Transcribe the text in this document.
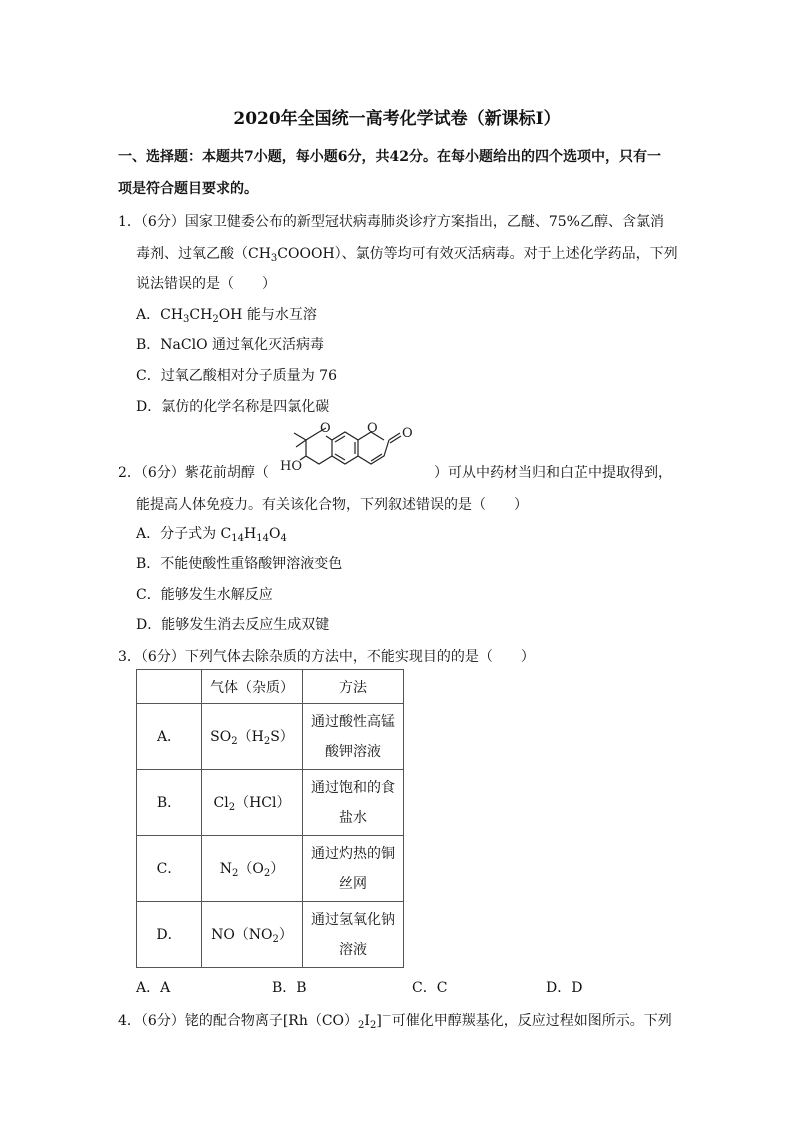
2020年全国统一高考化学试卷（新课标Ⅰ）
一、选择题：本题共7小题，每小题6分，共42分。在每小题给出的四个选项中，只有一
项是符合题目要求的。
1．（6分）国家卫健委公布的新型冠状病毒肺炎诊疗方案指出，乙醚、75%乙醇、含氯消
毒剂、过氧乙酸$(CH_3COOOH)$、氯仿等均可有效灭活病毒。对于上述化学药品，下列
说法错误的是（　　）
A．$CH_3CH_2OH$ 能与水互溶
B．NaClO 通过氧化灭活病毒
C．过氧乙酸相对分子质量为 76
D．氯仿的化学名称是四氯化碳
2．（6分）紫花前胡醇（
O	O O
HO	）可从中药材当归和白芷中提取得到，
能提高人体免疫力。有关该化合物，下列叙述错误的是（　　）
A．分子式为 $C_{14}H_{14}O_4$
B．不能使酸性重铬酸钾溶液变色
C．能够发生水解反应
D．能够发生消去反应生成双键
3．（6分）下列气体去除杂质的方法中，不能实现目的的是（　　）
	气体（杂质）	方法

A．	$SO_2(H_2S)$	通过酸性高锰
酸钾溶液

B．	$Cl_2(HCl)$	通过饱和的食
盐水

C．	$N_2(O_2)$	通过灼热的铜
丝网

D．	$NO(NO_2)$	通过氢氧化钠
溶液
A．A	B．B	C．C	D．D
4．（6分）铑的配合物离子$[Rh(CO)_2I_2]^-$可催化甲醇羰基化，反应过程如图所示。下列
